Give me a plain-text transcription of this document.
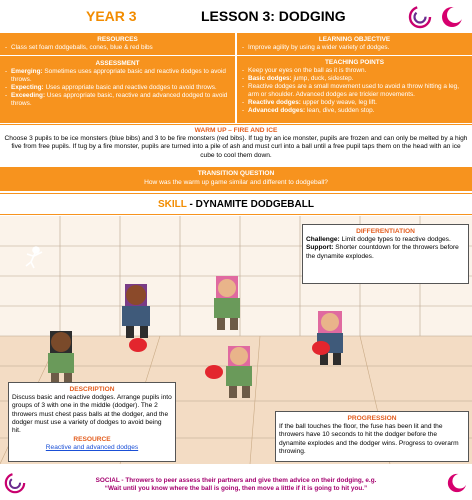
YEAR 3	LESSON 3: DODGING
RESOURCES
- Class set foam dodgeballs, cones, blue & red bibs
ASSESSMENT
- Emerging: Sometimes uses appropriate basic and reactive dodges to avoid throws.
- Expecting: Uses appropriate basic and reactive dodges to avoid throws.
- Exceeding: Uses appropriate basic, reactive and advanced dodged to avoid throws.
LEARNING OBJECTIVE
- Improve agility by using a wider variety of dodges.
TEACHING POINTS
- Keep your eyes on the ball as it is thrown.
- Basic dodges: jump, duck, sidestep.
- Reactive dodges are a small movement used to avoid a throw hitting a leg, arm or shoulder. Advanced dodges are trickier movements.
- Reactive dodges: upper body weave, leg lift.
- Advanced dodges: lean, dive, sudden stop.
WARM UP – FIRE AND ICE
Choose 3 pupils to be ice monsters (blue bibs) and 3 to be fire monsters (red bibs). If tug by an ice monster, pupils are frozen and can only be melted by a high five from free pupils. If tug by a fire monster, pupils are turned into a pile of ash and must curl into a ball until a free pupil taps them on the head with an ice cube to cool them down.
TRANSITION QUESTION
How was the warm up game similar and different to dodgeball?
SKILL - DYNAMITE DODGEBALL
DIFFERENTIATION
Challenge: Limit dodge types to reactive dodges.
Support: Shorter countdown for the throwers before the dynamite explodes.
DESCRIPTION
Discuss basic and reactive dodges. Arrange pupils into groups of 3 with one in the middle (dodger). The 2 throwers must chest pass balls at the dodger, and the dodger must use a variety of dodges to avoid being hit.
RESOURCE
Reactive and advanced dodges
PROGRESSION
If the ball touches the floor, the fuse has been lit and the throwers have 10 seconds to hit the dodger before the dynamite explodes and the dodger wins. Progress to overarm throwing.
SOCIAL - Throwers to peer assess their partners and give them advice on their dodging, e.g.
“Wait until you know where the ball is going, then move a little if it is going to hit you.”
